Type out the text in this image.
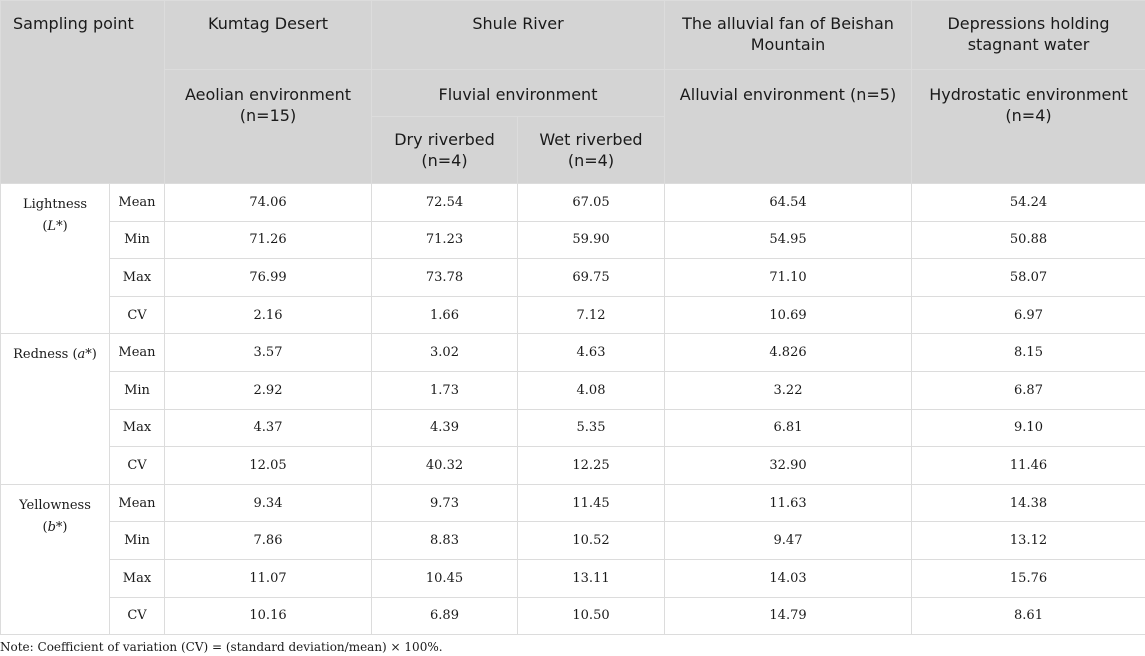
Sampling point		Kumtag Desert	Shule River		The alluvial fan of Beishan Mountain	Depressions holding stagnant water
		Aeolian environment (n=15)	Fluvial environment		Alluvial environment (n=5)	Hydrostatic environment (n=4)
			Dry riverbed (n=4)	Wet riverbed (n=4)		
Lightness (L*)	Mean	74.06	72.54	67.05	64.54	54.24
	Min	71.26	71.23	59.90	54.95	50.88
	Max	76.99	73.78	69.75	71.10	58.07
	CV	2.16	1.66	7.12	10.69	6.97
Redness (a*)	Mean	3.57	3.02	4.63	4.826	8.15
	Min	2.92	1.73	4.08	3.22	6.87
	Max	4.37	4.39	5.35	6.81	9.10
	CV	12.05	40.32	12.25	32.90	11.46
Yellowness (b*)	Mean	9.34	9.73	11.45	11.63	14.38
	Min	7.86	8.83	10.52	9.47	13.12
	Max	11.07	10.45	13.11	14.03	15.76
	CV	10.16	6.89	10.50	14.79	8.61
Note: Coefficient of variation (CV) = (standard deviation/mean) × 100%.
